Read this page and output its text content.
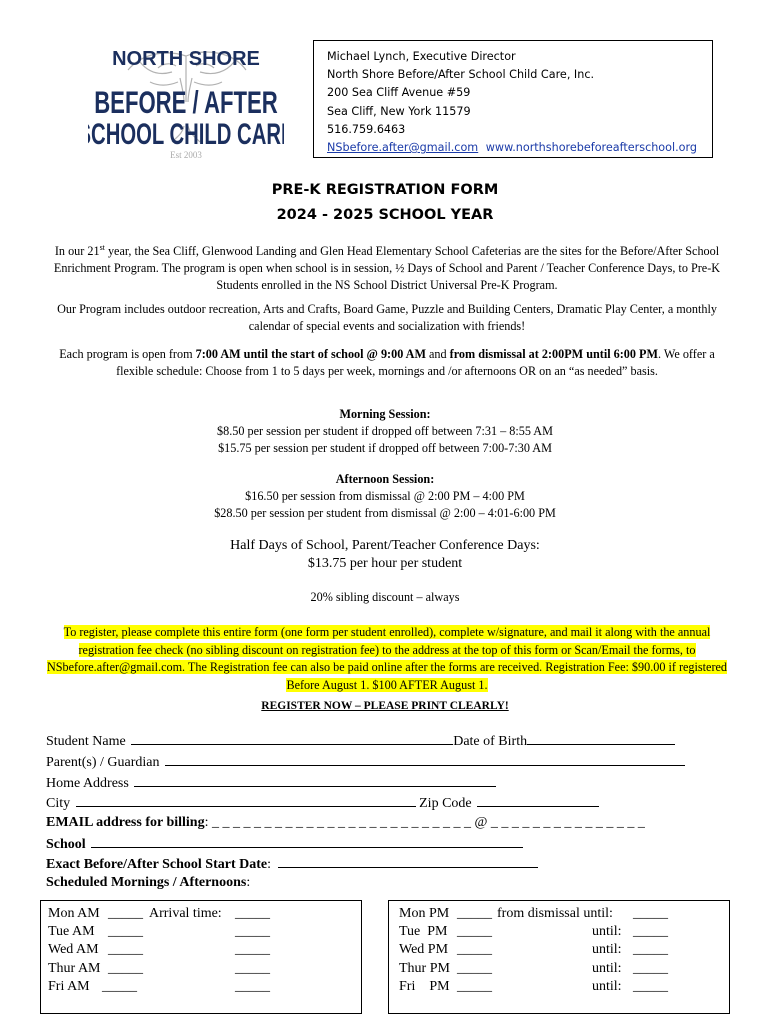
NORTH SHORE
BEFORE / AFTER
SCHOOL CHILD CARE
Est 2003
Michael Lynch, Executive Director
North Shore Before/After School Child Care, Inc.
200 Sea Cliff Avenue #59
Sea Cliff, New York 11579
516.759.6463
NSbefore.after@gmail.com www.northshorebeforeafterschool.org
PRE-K REGISTRATION FORM
2024 - 2025 SCHOOL YEAR
In our 21st year, the Sea Cliff, Glenwood Landing and Glen Head Elementary School Cafeterias are the sites for the Before/After School Enrichment Program. The program is open when school is in session, ½ Days of School and Parent / Teacher Conference Days, to Pre-K Students enrolled in the NS School District Universal Pre-K Program.
Our Program includes outdoor recreation, Arts and Crafts, Board Game, Puzzle and Building Centers, Dramatic Play Center, a monthly calendar of special events and socialization with friends!
Each program is open from 7:00 AM until the start of school @ 9:00 AM and from dismissal at 2:00PM until 6:00 PM. We offer a flexible schedule: Choose from 1 to 5 days per week, mornings and /or afternoons OR on an “as needed” basis.
Morning Session:
$8.50 per session per student if dropped off between 7:31 – 8:55 AM
$15.75 per session per student if dropped off between 7:00-7:30 AM
Afternoon Session:
$16.50 per session from dismissal @ 2:00 PM – 4:00 PM
$28.50 per session per student from dismissal @ 2:00 – 4:01-6:00 PM
Half Days of School, Parent/Teacher Conference Days:
$13.75 per hour per student
20% sibling discount – always
To register, please complete this entire form (one form per student enrolled), complete w/signature, and mail it along with the annual registration fee check (no sibling discount on registration fee) to the address at the top of this form or Scan/Email the forms, to NSbefore.after@gmail.com. The Registration fee can also be paid online after the forms are received. Registration Fee: $90.00 if registered Before August 1. $100 AFTER August 1.
REGISTER NOW – PLEASE PRINT CLEARLY!
Student Name	Date of Birth
Parent(s) / Guardian
Home Address
City	Zip Code
EMAIL address for billing: _ _ _ _ _ _ _ _ _ _ _ _ _ _ _ _ _ _ _ _ _ _ _ _ _ @ _ _ _ _ _ _ _ _ _ _ _ _ _ _ _
School
Exact Before/After School Start Date:
Scheduled Mornings / Afternoons:
Mon AM _____ Arrival time: _____
Tue AM _____	_____
Wed AM _____	_____
Thur AM _____	_____
Fri AM _____	_____
Mon PM _____ from dismissal until: _____
Tue  PM _____	until: _____
Wed PM _____	until: _____
Thur PM _____	until: _____
Fri    PM _____	until: _____
